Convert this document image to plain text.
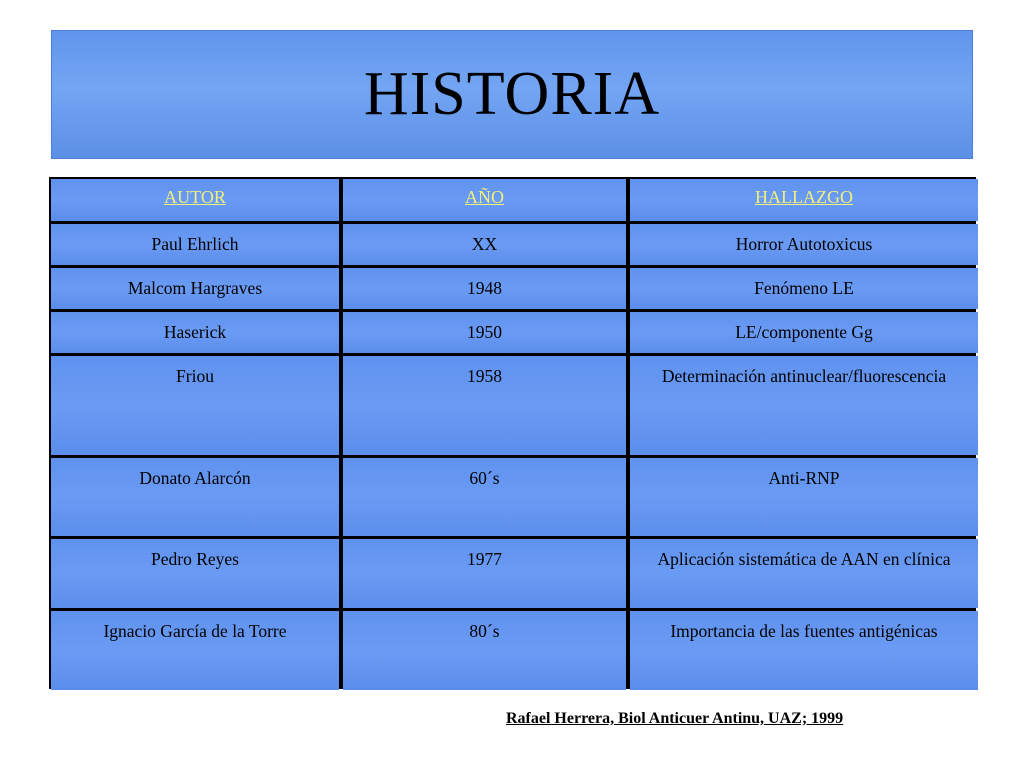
HISTORIA
AUTOR	AÑO	HALLAZGO
Paul Ehrlich	XX	Horror Autotoxicus
Malcom Hargraves	1948	Fenómeno LE
Haserick	1950	LE/componente Gg
Friou	1958	Determinación antinuclear/fluorescencia
Donato Alarcón	60´s	Anti-RNP
Pedro Reyes	1977	Aplicación sistemática de AAN en clínica
Ignacio García de la Torre	80´s	Importancia de las fuentes antigénicas
Rafael Herrera, Biol Anticuer Antinu, UAZ; 1999
